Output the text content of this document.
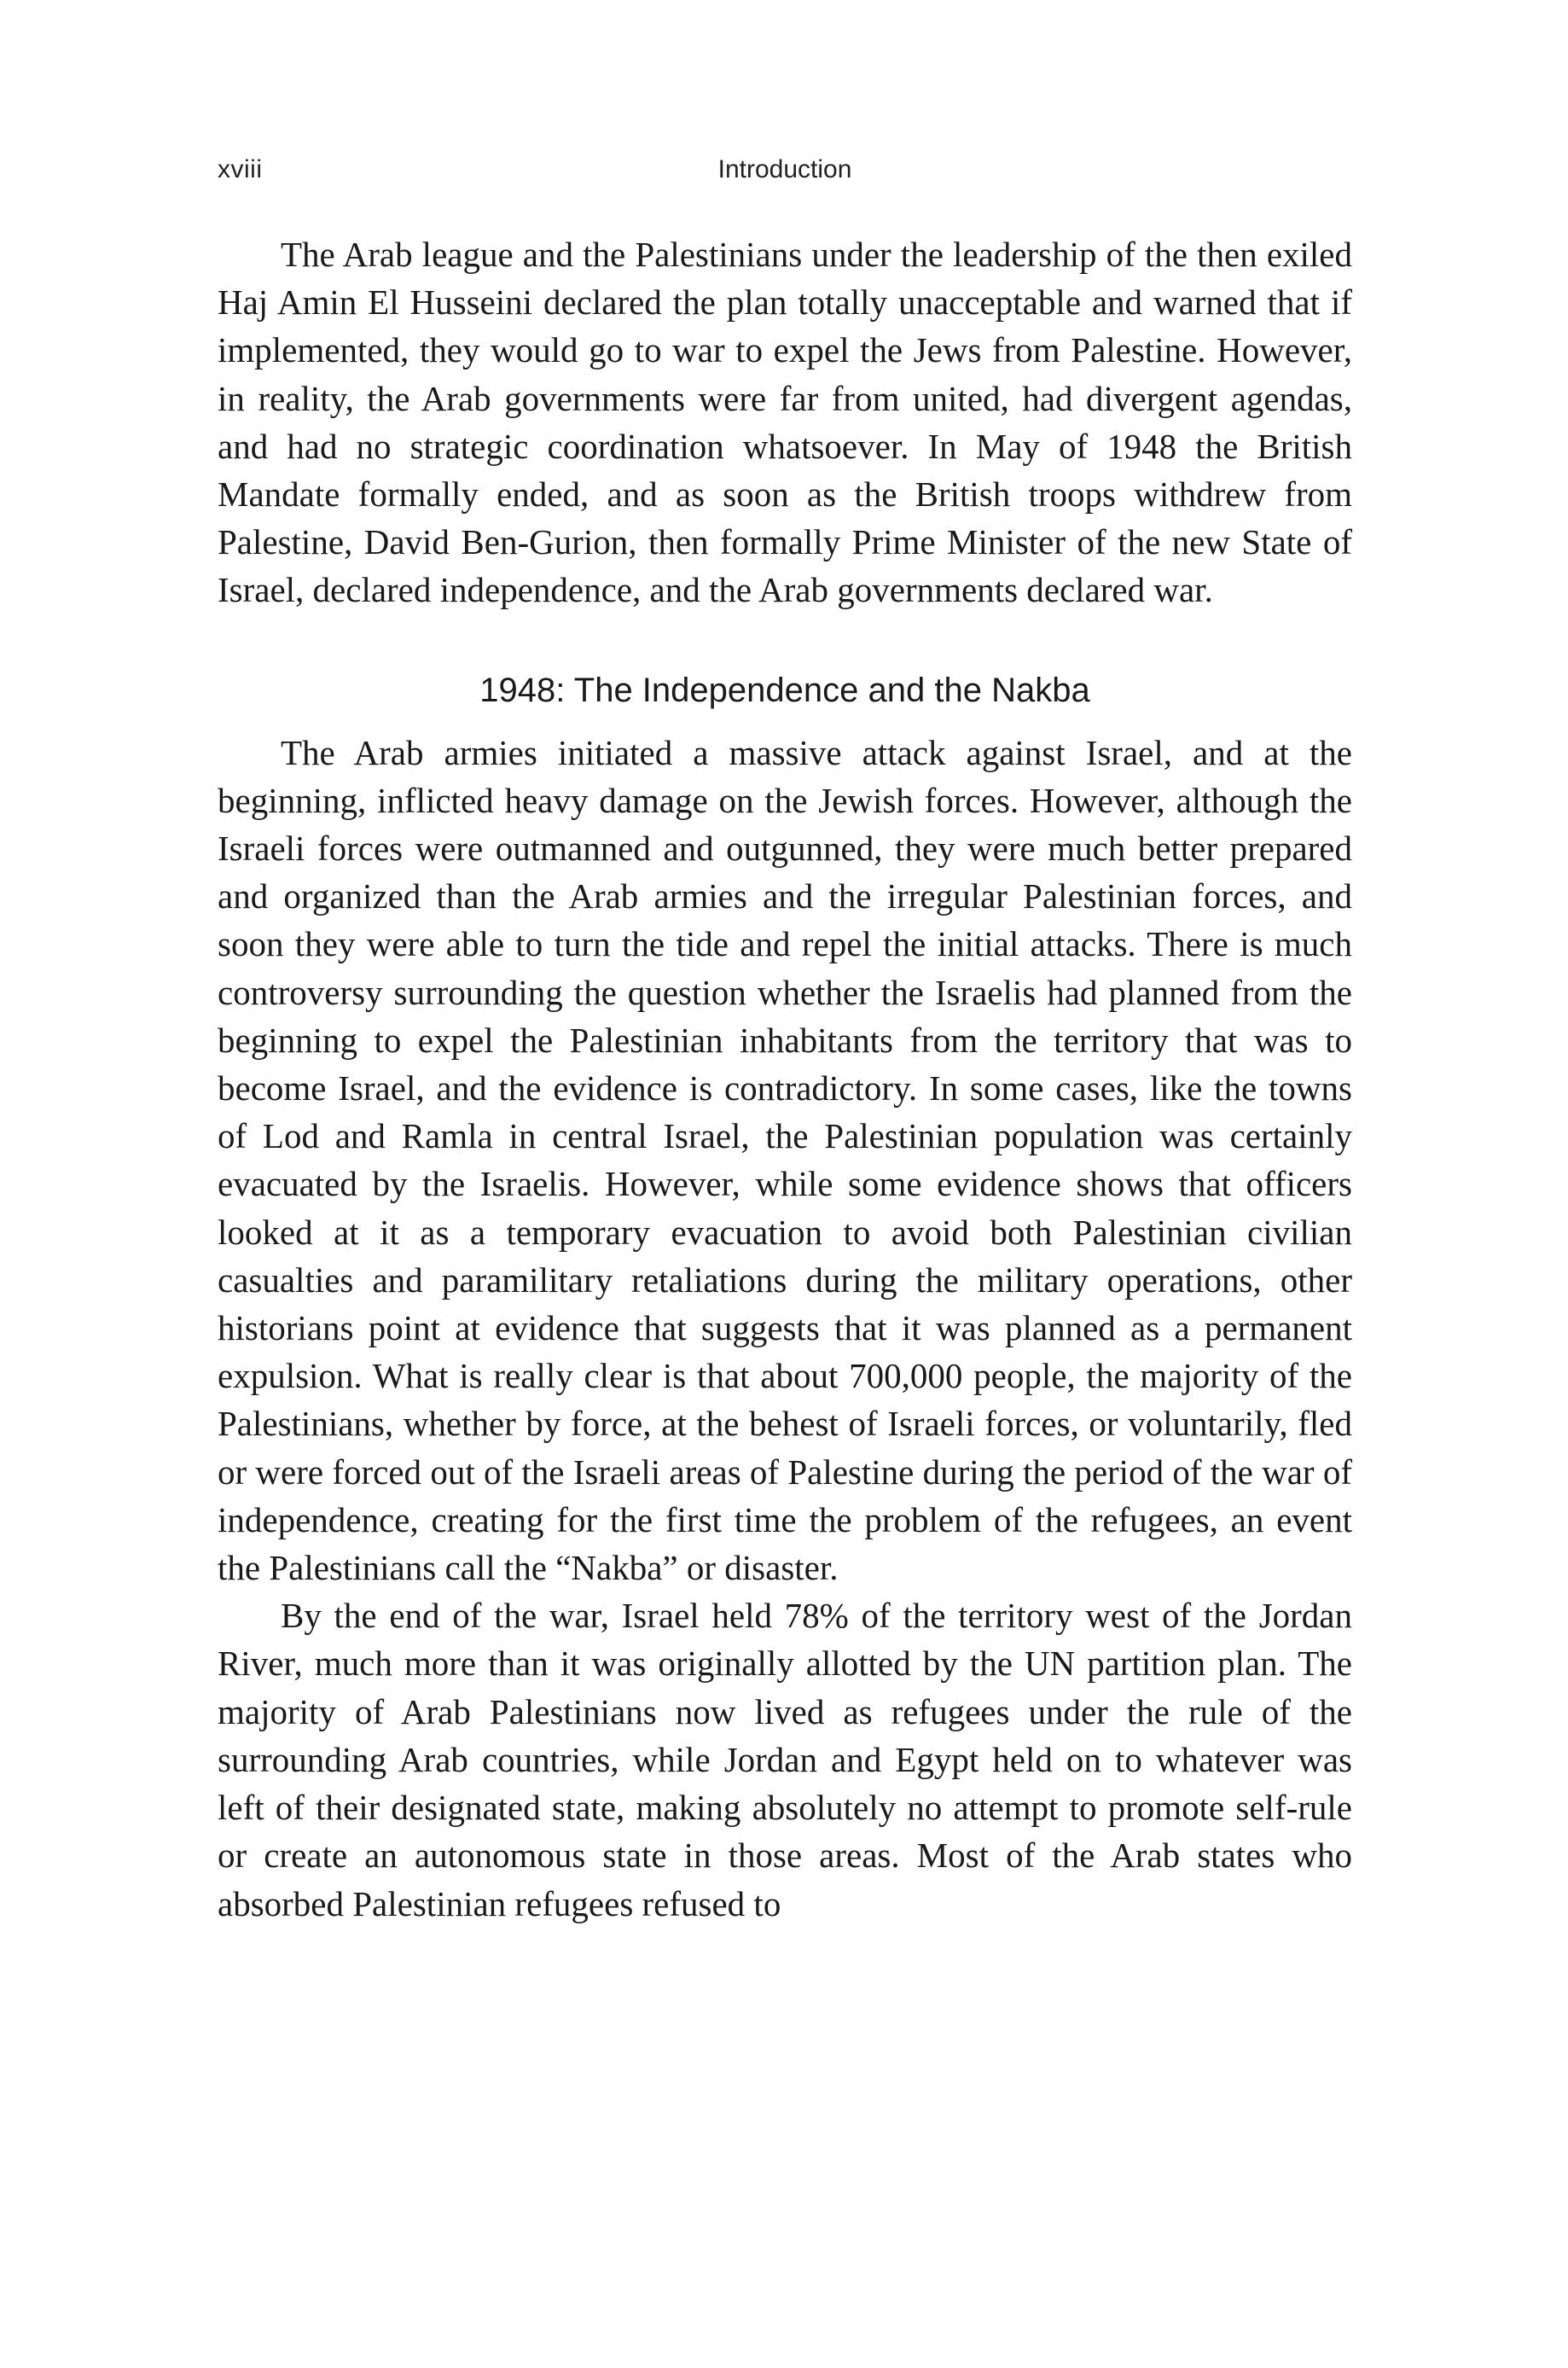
xviii	Introduction

The Arab league and the Palestinians under the leadership of the then exiled Haj Amin El Husseini declared the plan totally unacceptable and warned that if implemented, they would go to war to expel the Jews from Palestine. However, in reality, the Arab governments were far from united, had divergent agendas, and had no strategic coordination whatsoever. In May of 1948 the British Mandate formally ended, and as soon as the British troops withdrew from Palestine, David Ben-Gurion, then formally Prime Minister of the new State of Israel, declared independence, and the Arab governments declared war.

1948: The Independence and the Nakba

The Arab armies initiated a massive attack against Israel, and at the beginning, inflicted heavy damage on the Jewish forces. However, although the Israeli forces were outmanned and outgunned, they were much better prepared and organized than the Arab armies and the irregular Palestinian forces, and soon they were able to turn the tide and repel the initial attacks. There is much controversy surrounding the question whether the Israelis had planned from the beginning to expel the Palestinian inhabitants from the territory that was to become Israel, and the evidence is contradictory. In some cases, like the towns of Lod and Ramla in central Israel, the Palestinian population was certainly evacuated by the Israelis. However, while some evidence shows that officers looked at it as a temporary evacuation to avoid both Palestinian civilian casualties and paramilitary retaliations during the military operations, other historians point at evidence that suggests that it was planned as a permanent expulsion. What is really clear is that about 700,000 people, the majority of the Palestinians, whether by force, at the behest of Israeli forces, or voluntarily, fled or were forced out of the Israeli areas of Palestine during the period of the war of independence, creating for the first time the problem of the refugees, an event the Palestinians call the “Nakba” or disaster.

By the end of the war, Israel held 78% of the territory west of the Jordan River, much more than it was originally allotted by the UN partition plan. The majority of Arab Palestinians now lived as refugees under the rule of the surrounding Arab countries, while Jordan and Egypt held on to whatever was left of their designated state, making absolutely no attempt to promote self-rule or create an autonomous state in those areas. Most of the Arab states who absorbed Palestinian refugees refused to
